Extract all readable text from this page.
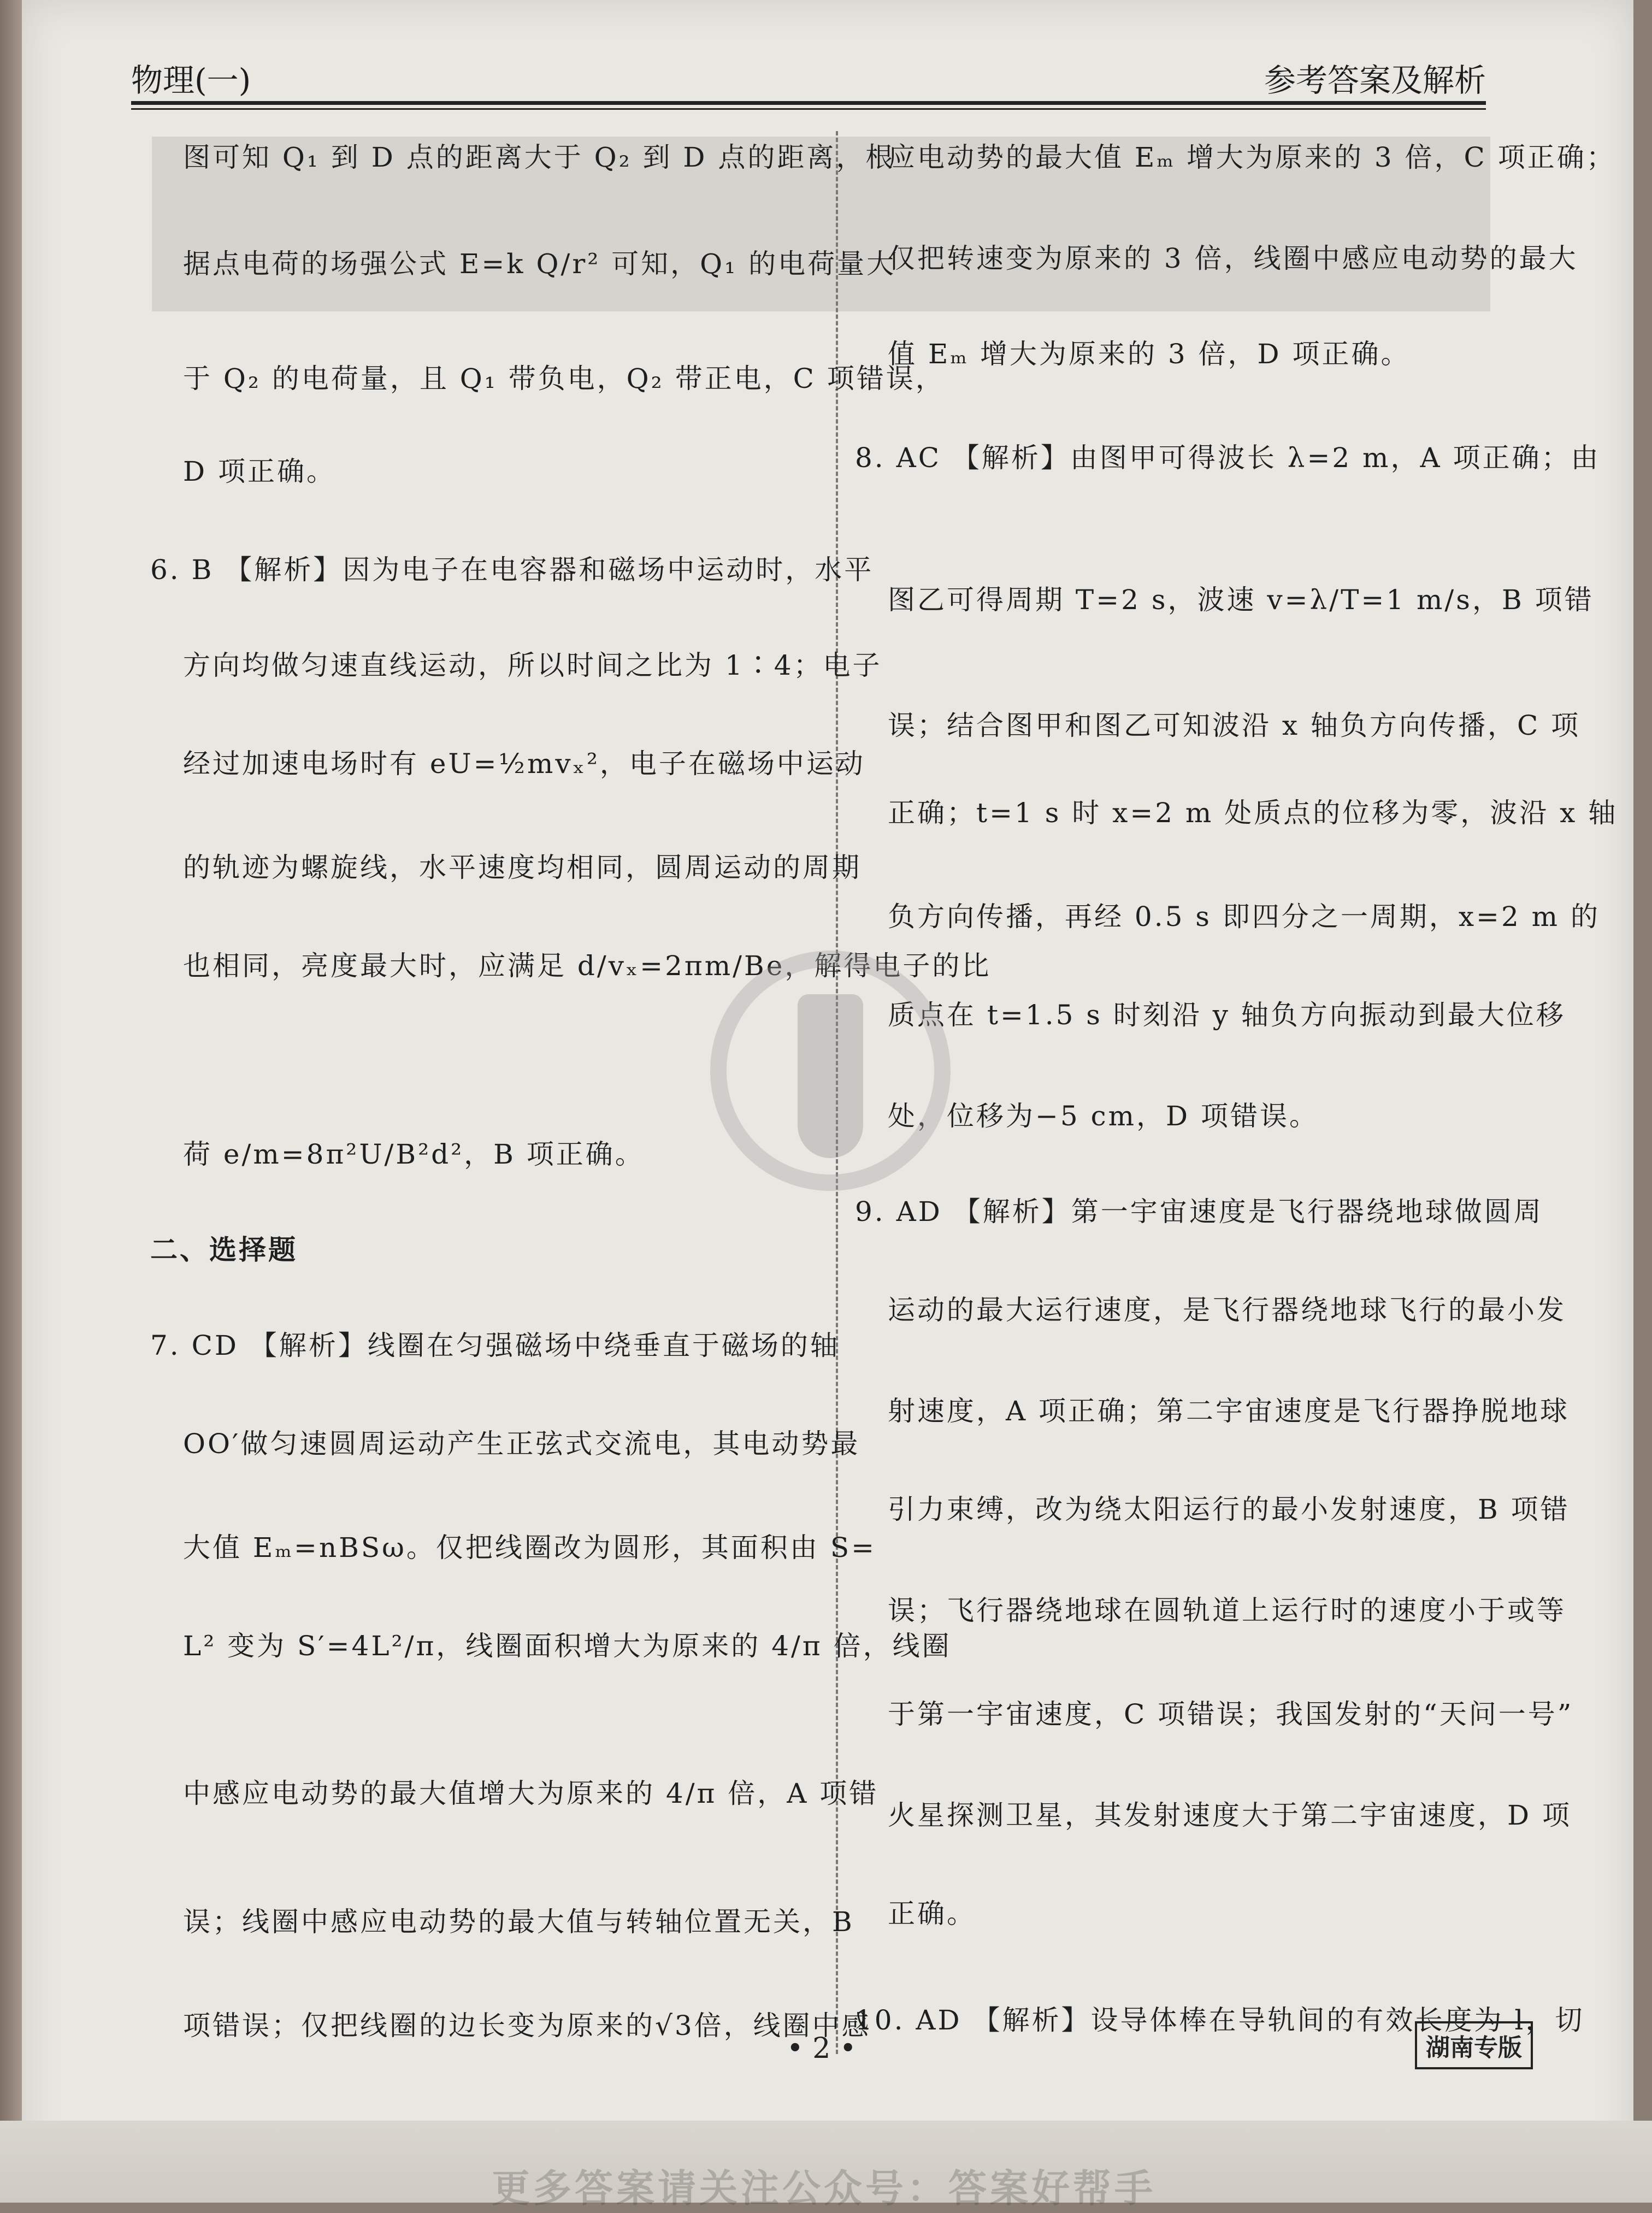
物理(一)	参考答案及解析
图可知 Q₁ 到 D 点的距离大于 Q₂ 到 D 点的距离，根
据点电荷的场强公式 E=k Q/r² 可知，Q₁ 的电荷量大
于 Q₂ 的电荷量，且 Q₁ 带负电，Q₂ 带正电，C 项错误，
D 项正确。
6. B 【解析】因为电子在电容器和磁场中运动时，水平
方向均做匀速直线运动，所以时间之比为 1∶4；电子
经过加速电场时有 eU=½mvₓ²，电子在磁场中运动
的轨迹为螺旋线，水平速度均相同，圆周运动的周期
也相同，亮度最大时，应满足 d/vₓ=2πm/Be，解得电子的比
荷 e/m=8π²U/B²d²，B 项正确。
二、选择题
7. CD 【解析】线圈在匀强磁场中绕垂直于磁场的轴
OO′做匀速圆周运动产生正弦式交流电，其电动势最
大值 Eₘ=nBSω。仅把线圈改为圆形，其面积由 S=
L² 变为 S′=4L²/π，线圈面积增大为原来的 4/π 倍，线圈
中感应电动势的最大值增大为原来的 4/π 倍，A 项错
误；线圈中感应电动势的最大值与转轴位置无关，B
项错误；仅把线圈的边长变为原来的√3倍，线圈中感
应电动势的最大值 Eₘ 增大为原来的 3 倍，C 项正确；
仅把转速变为原来的 3 倍，线圈中感应电动势的最大
值 Eₘ 增大为原来的 3 倍，D 项正确。
8. AC 【解析】由图甲可得波长 λ=2 m，A 项正确；由
图乙可得周期 T=2 s，波速 v=λ/T=1 m/s，B 项错
误；结合图甲和图乙可知波沿 x 轴负方向传播，C 项
正确；t=1 s 时 x=2 m 处质点的位移为零，波沿 x 轴
负方向传播，再经 0.5 s 即四分之一周期，x=2 m 的
质点在 t=1.5 s 时刻沿 y 轴负方向振动到最大位移
处，位移为−5 cm，D 项错误。
9. AD 【解析】第一宇宙速度是飞行器绕地球做圆周
运动的最大运行速度，是飞行器绕地球飞行的最小发
射速度，A 项正确；第二宇宙速度是飞行器挣脱地球
引力束缚，改为绕太阳运行的最小发射速度，B 项错
误；飞行器绕地球在圆轨道上运行时的速度小于或等
于第一宇宙速度，C 项错误；我国发射的“天问一号”
火星探测卫星，其发射速度大于第二宇宙速度，D 项
正确。
10. AD 【解析】设导体棒在导轨间的有效长度为 l，切
• 2 •	湖南专版
更多答案请关注公众号：答案好帮手
